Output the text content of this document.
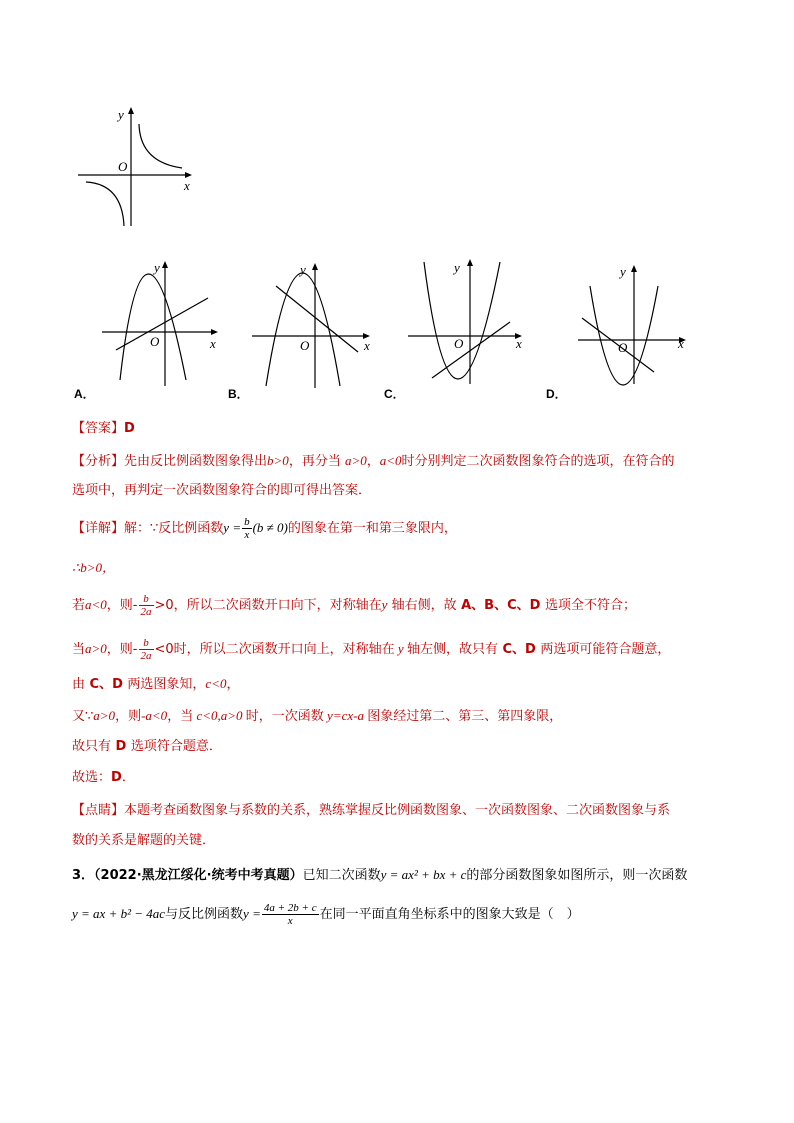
y
x
O
y
x
O
y
x
O
y
x
O
y
x
O
A．	B．	C．	D．
【答案】D
【分析】先由反比例函数图象得出b>0，再分当 a>0，a<0时分别判定二次函数图象符合的选项，在符合的
选项中，再判定一次函数图象符合的即可得出答案．
【详解】解：∵反比例函数$y = \frac{b}{x} (b \ne 0)$的图象在第一和第三象限内，
∴b>0，
若a<0，则- $\frac{b}{2a} >0$，所以二次函数开口向下，对称轴在y 轴右侧，故 A、B、C、D 选项全不符合；
当a>0，则- $\frac{b}{2a} <0$时，所以二次函数开口向上，对称轴在 y 轴左侧，故只有 C、D 两选项可能符合题意，
由 C、D 两选图象知，c<0，
又∵a>0，则-a<0，当 c<0,a>0 时，一次函数 y=cx-a 图象经过第二、第三、第四象限，
故只有 D 选项符合题意．
故选：D．
【点睛】本题考查函数图象与系数的关系，熟练掌握反比例函数图象、一次函数图象、二次函数图象与系
数的关系是解题的关键．
3．（2022·黑龙江绥化·统考中考真题）已知二次函数y = ax² + bx + c的部分函数图象如图所示，则一次函数
y = ax + b² − 4ac与反比例函数$y = \frac{4a + 2b + c}{x}$ 在同一平面直角坐标系中的图象大致是（　）
